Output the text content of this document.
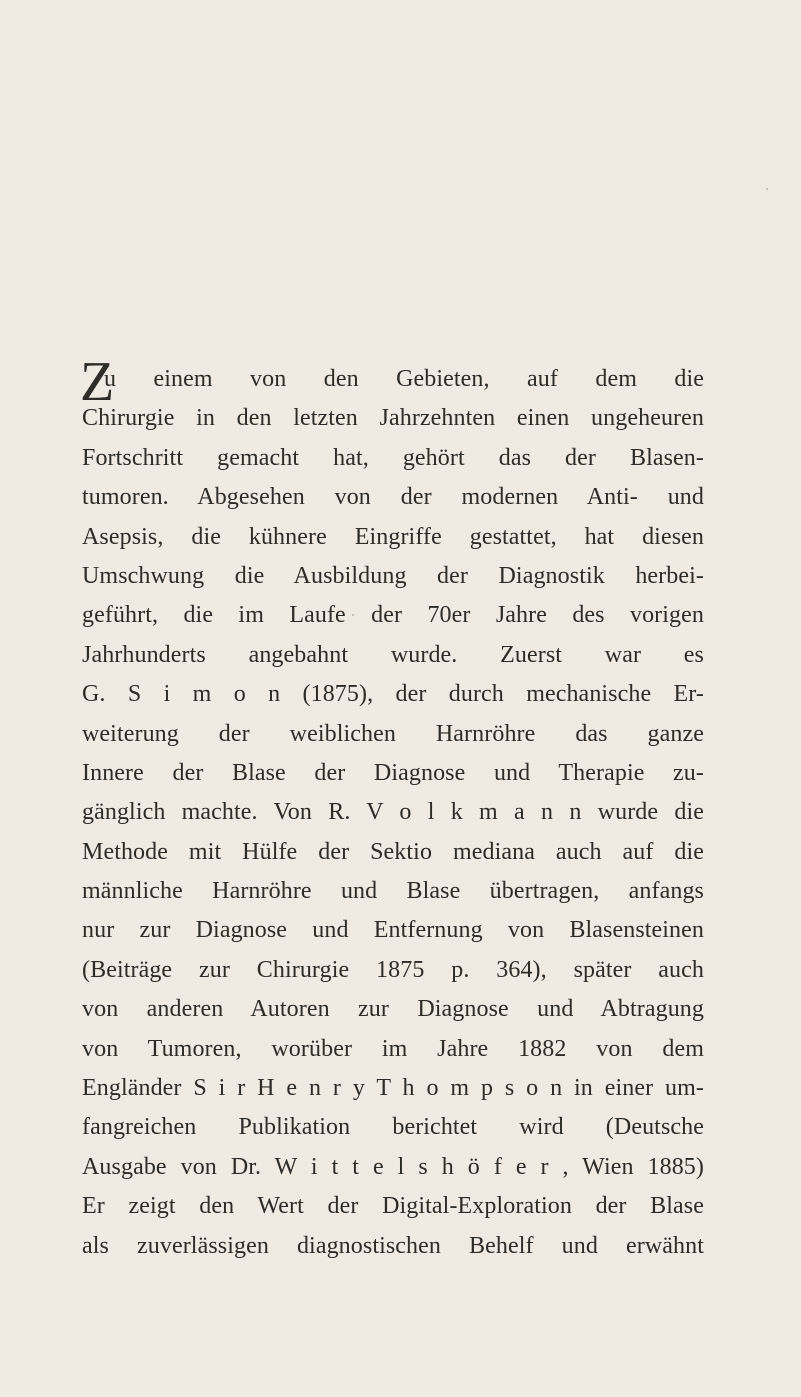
Z
u einem von den Gebieten, auf dem die
Chirurgie in den letzten Jahrzehnten einen ungeheuren
Fortschritt gemacht hat, gehört das der Blasen-
tumoren. Abgesehen von der modernen Anti- und
Asepsis, die kühnere Eingriffe gestattet, hat diesen
Umschwung die Ausbildung der Diagnostik herbei-
geführt, die im Laufe der 70er Jahre des vorigen
Jahrhunderts angebahnt wurde. Zuerst war es
G. S i m o n (1875), der durch mechanische Er-
weiterung der weiblichen Harnröhre das ganze
Innere der Blase der Diagnose und Therapie zu-
gänglich machte. Von R. V o l k m a n n wurde die
Methode mit Hülfe der Sektio mediana auch auf die
männliche Harnröhre und Blase übertragen, anfangs
nur zur Diagnose und Entfernung von Blasensteinen
(Beiträge zur Chirurgie 1875 p. 364), später auch
von anderen Autoren zur Diagnose und Abtragung
von Tumoren, worüber im Jahre 1882 von dem
Engländer S i r H e n r y T h o m p s o n in einer um-
fangreichen Publikation berichtet wird (Deutsche
Ausgabe von Dr. W i t t e l s h ö f e r , Wien 1885)
Er zeigt den Wert der Digital-Exploration der Blase
als zuverlässigen diagnostischen Behelf und erwähnt
